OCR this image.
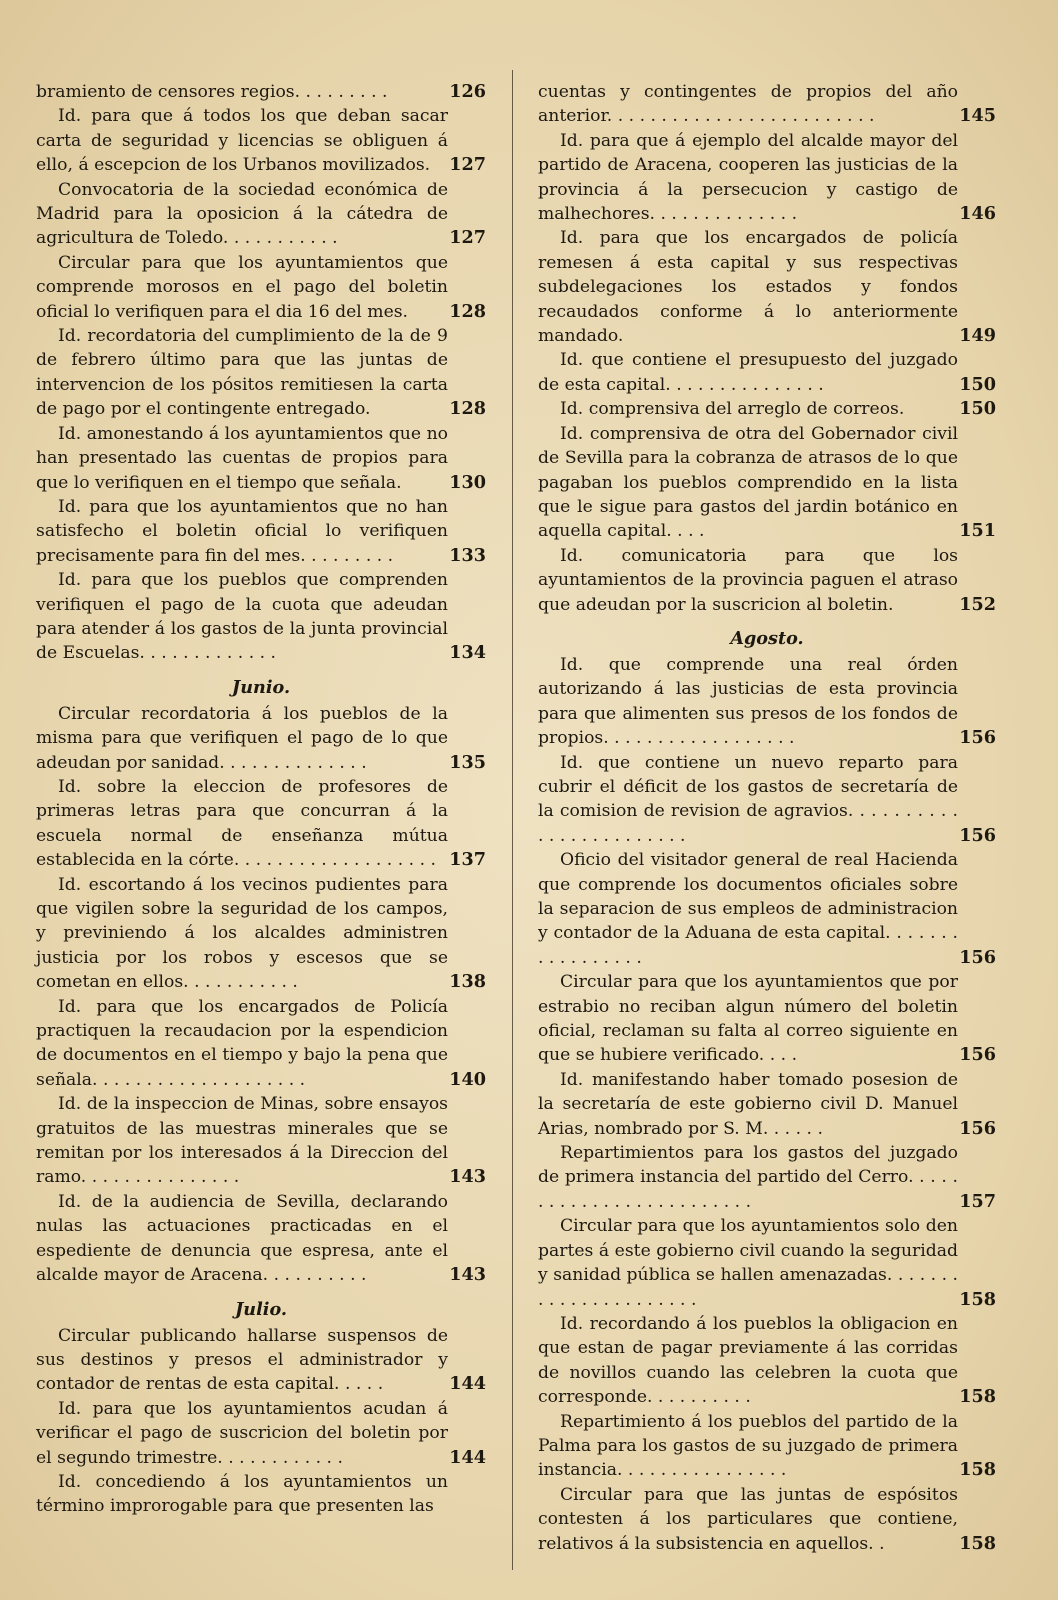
bramiento de censores regios. . . . . . . . .	126
Id. para que á todos los que deban sacar carta de seguridad y licencias se obliguen á ello, á escepcion de los Urbanos movilizados.	127
Convocatoria de la sociedad económica de Madrid para la oposicion á la cátedra de agricultura de Toledo. . . . . . . . . . .	127
Circular para que los ayuntamientos que comprende morosos en el pago del boletin oficial lo verifiquen para el dia 16 del mes.	128
Id. recordatoria del cumplimiento de la de 9 de febrero último para que las juntas de intervencion de los pósitos remitiesen la carta de pago por el contingente entregado.	128
Id. amonestando á los ayuntamientos que no han presentado las cuentas de propios para que lo verifiquen en el tiempo que señala.	130
Id. para que los ayuntamientos que no han satisfecho el boletin oficial lo verifiquen precisamente para fin del mes. . . . . . . . .	133
Id. para que los pueblos que comprenden verifiquen el pago de la cuota que adeudan para atender á los gastos de la junta provincial de Escuelas. . . . . . . . . . . . .	134
Junio.
Circular recordatoria á los pueblos de la misma para que verifiquen el pago de lo que adeudan por sanidad. . . . . . . . . . . . . .	135
Id. sobre la eleccion de profesores de primeras letras para que concurran á la escuela normal de enseñanza mútua establecida en la córte. . . . . . . . . . . . . . . . . . . 137
Id. escortando á los vecinos pudientes para que vigilen sobre la seguridad de los campos, y previniendo á los alcaldes administren justicia por los robos y escesos que se cometan en ellos. . . . . . . . . . .	138
Id. para que los encargados de Policía practiquen la recaudacion por la espendicion de documentos en el tiempo y bajo la pena que señala. . . . . . . . . . . . . . . . . . . .	140
Id. de la inspeccion de Minas, sobre ensayos gratuitos de las muestras minerales que se remitan por los interesados á la Direccion del ramo. . . . . . . . . . . . . . .	143
Id. de la audiencia de Sevilla, declarando nulas las actuaciones practicadas en el espediente de denuncia que espresa, ante el alcalde mayor de Aracena. . . . . . . . . .	143
Julio.
Circular publicando hallarse suspensos de sus destinos y presos el administrador y contador de rentas de esta capital. . . . .	144
Id. para que los ayuntamientos acudan á verificar el pago de suscricion del boletin por el segundo trimestre. . . . . . . . . . . .	144
Id. concediendo á los ayuntamientos un término improrogable para que presenten las
cuentas y contingentes de propios del año anterior. . . . . . . . . . . . . . . . . . . . . . . . .	145
Id. para que á ejemplo del alcalde mayor del partido de Aracena, cooperen las justicias de la provincia á la persecucion y castigo de malhechores. . . . . . . . . . . . . .	146
Id. para que los encargados de policía remesen á esta capital y sus respectivas subdelegaciones los estados y fondos recaudados conforme á lo anteriormente mandado.	149
Id. que contiene el presupuesto del juzgado de esta capital. . . . . . . . . . . . . . .	150
Id. comprensiva del arreglo de correos.	150
Id. comprensiva de otra del Gobernador civil de Sevilla para la cobranza de atrasos de lo que pagaban los pueblos comprendido en la lista que le sigue para gastos del jardin botánico en aquella capital. . . .	151
Id. comunicatoria para que los ayuntamientos de la provincia paguen el atraso que adeudan por la suscricion al boletin.	152
Agosto.
Id. que comprende una real órden autorizando á las justicias de esta provincia para que alimenten sus presos de los fondos de propios. . . . . . . . . . . . . . . . . .	156
Id. que contiene un nuevo reparto para cubrir el déficit de los gastos de secretaría de la comision de revision de agravios. . . . . . . . . . . . . . . . . . . . . . . .	156
Oficio del visitador general de real Hacienda que comprende los documentos oficiales sobre la separacion de sus empleos de administracion y contador de la Aduana de esta capital. . . . . . . . . . . . . . . . .	156
Circular para que los ayuntamientos que por estrabio no reciban algun número del boletin oficial, reclaman su falta al correo siguiente en que se hubiere verificado. . . .	156
Id. manifestando haber tomado posesion de la secretaría de este gobierno civil D. Manuel Arias, nombrado por S. M. . . . . .	156
Repartimientos para los gastos del juzgado de primera instancia del partido del Cerro. . . . . . . . . . . . . . . . . . . . . . . . .	157
Circular para que los ayuntamientos solo den partes á este gobierno civil cuando la seguridad y sanidad pública se hallen amenazadas. . . . . . . . . . . . . . . . . . . . . .	158
Id. recordando á los pueblos la obligacion en que estan de pagar previamente á las corridas de novillos cuando las celebren la cuota que corresponde. . . . . . . . . .	158
Repartimiento á los pueblos del partido de la Palma para los gastos de su juzgado de primera instancia. . . . . . . . . . . . . . . .	158
Circular para que las juntas de espósitos contesten á los particulares que contiene, relativos á la subsistencia en aquellos. .	158
